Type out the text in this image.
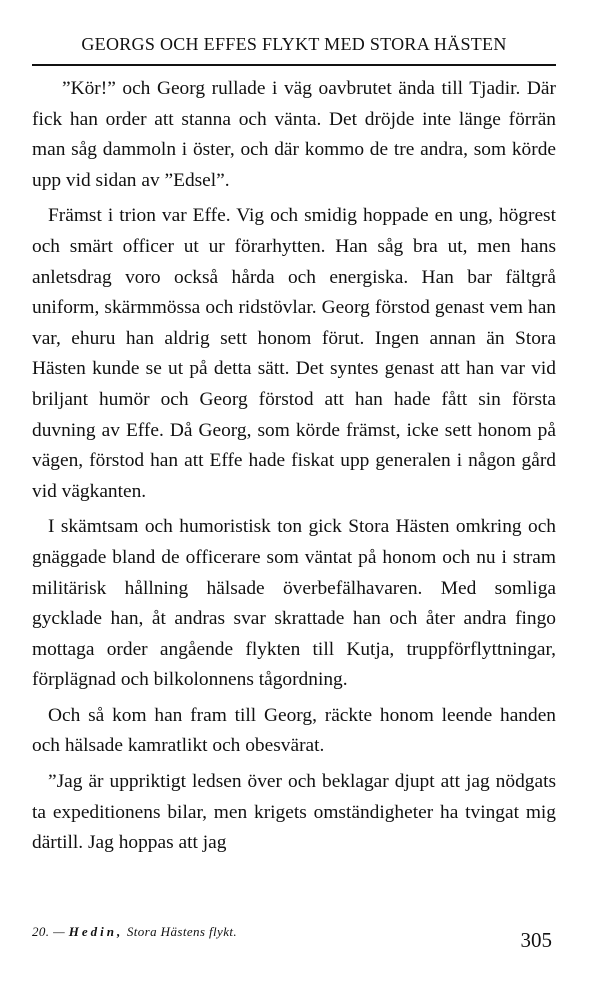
GEORGS OCH EFFES FLYKT MED STORA HÄSTEN

”Kör!” och Georg rullade i väg oavbrutet ända till Tjadir. Där fick han order att stanna och vänta. Det dröjde inte länge förrän man såg dammoln i öster, och där kommo de tre andra, som körde upp vid sidan av ”Edsel”.

Främst i trion var Effe. Vig och smidig hoppade en ung, högrest och smärt officer ut ur förarhytten. Han såg bra ut, men hans anletsdrag voro också hårda och energiska. Han bar fältgrå uniform, skärmmössa och ridstövlar. Georg förstod genast vem han var, ehuru han aldrig sett honom förut. Ingen annan än Stora Hästen kunde se ut på detta sätt. Det syntes genast att han var vid briljant humör och Georg förstod att han hade fått sin första duvning av Effe. Då Georg, som körde främst, icke sett honom på vägen, förstod han att Effe hade fiskat upp generalen i någon gård vid vägkanten.

I skämtsam och humoristisk ton gick Stora Hästen omkring och gnäggade bland de officerare som väntat på honom och nu i stram militärisk hållning hälsade överbefälhavaren. Med somliga gycklade han, åt andras svar skrattade han och åter andra fingo mottaga order angående flykten till Kutja, truppförflyttningar, förplägnad och bilkolonnens tågordning.

Och så kom han fram till Georg, räckte honom leende handen och hälsade kamratlikt och obesvärat.

”Jag är uppriktigt ledsen över och beklagar djupt att jag nödgats ta expeditionens bilar, men krigets omständigheter ha tvingat mig därtill. Jag hoppas att jag

20. — Hedin, Stora Hästens flykt.	305
